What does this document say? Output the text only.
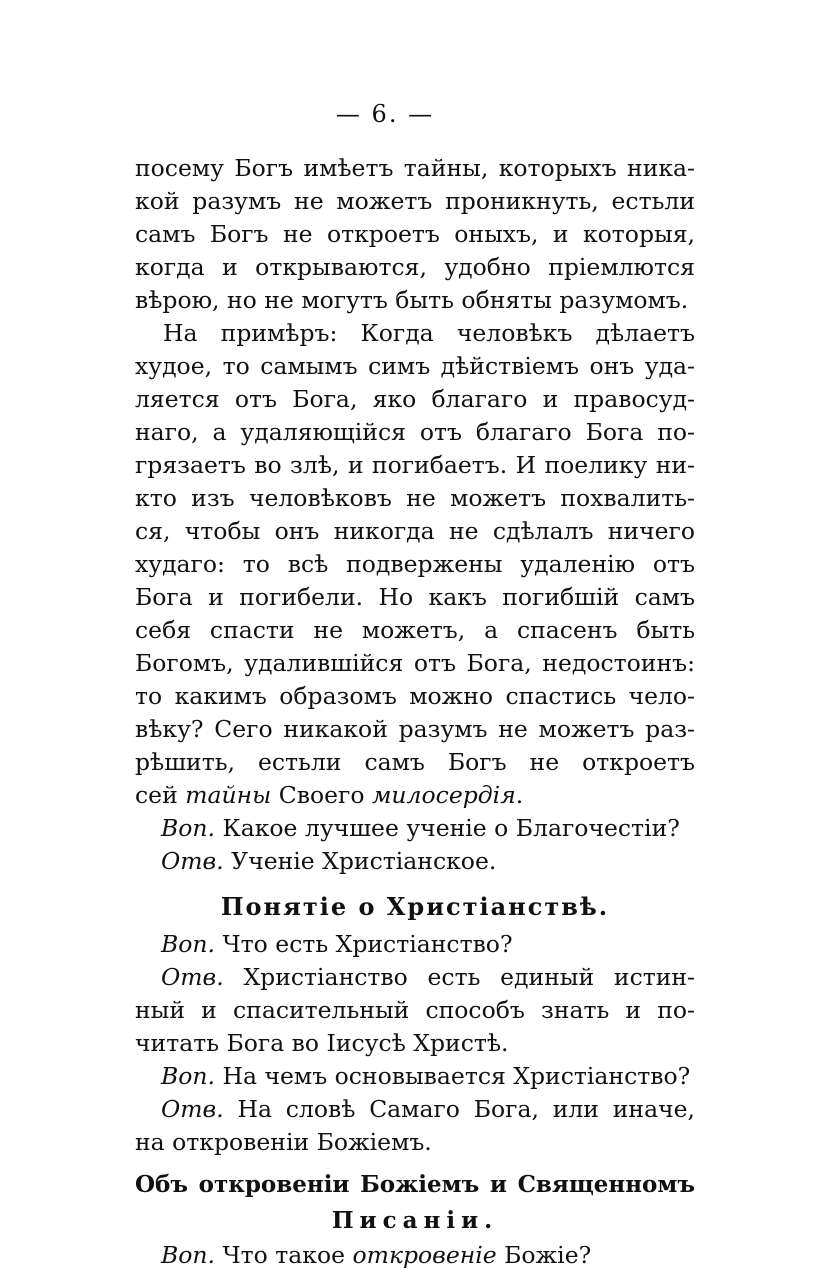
— 6. —
посему Богъ имѣетъ тайны, которыхъ ника-
кой разумъ не можетъ проникнуть, естьли
самъ Богъ не откроетъ оныхъ, и которыя,
когда и открываются, удобно пріемлются
вѣрою, но не могутъ быть обняты разумомъ.
На примѣръ: Когда человѣкъ дѣлаетъ
худое, то самымъ симъ дѣйствіемъ онъ уда-
ляется отъ Бога, яко благаго и правосуд-
наго, а удаляющійся отъ благаго Бога по-
грязаетъ во злѣ, и погибаетъ. И поелику ни-
кто изъ человѣковъ не можетъ похвалить-
ся, чтобы онъ никогда не сдѣлалъ ничего
худаго: то всѣ подвержены удаленію отъ
Бога и погибели. Но какъ погибшій самъ
себя спасти не можетъ, а спасенъ быть
Богомъ, удалившійся отъ Бога, недостоинъ:
то какимъ образомъ можно спастись чело-
вѣку? Сего никакой разумъ не можетъ раз-
рѣшить, естьли самъ Богъ не откроетъ
сей тайны Своего милосердія.
Воп. Какое лучшее ученіе о Благочестіи?
Отв. Ученіе Христіанское.
Понятіе о Христіанствѣ.
Воп. Что есть Христіанство?
Отв. Христіанство есть единый истин-
ный и спасительный способъ знать и по-
читать Бога во Іисусѣ Христѣ.
Воп. На чемъ основывается Христіанство?
Отв. На словѣ Самаго Бога, или иначе,
на откровеніи Божіемъ.
Объ откровеніи Божіемъ и Священномъ
Писаніи.
Воп. Что такое откровеніе Божіе?
